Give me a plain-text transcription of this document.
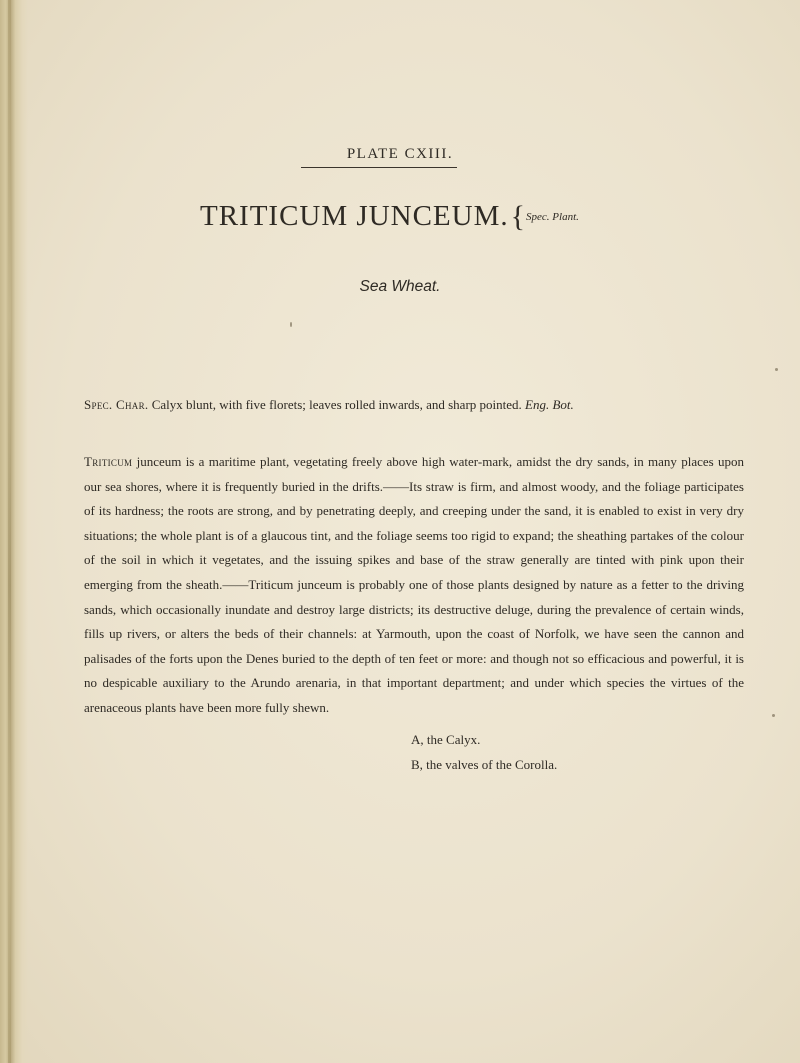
PLATE CXIII.
TRITICUM JUNCEUM.{Spec. Plant.
Sea Wheat.
Spec. Char. Calyx blunt, with five florets; leaves rolled inwards, and sharp pointed. Eng. Bot.
Triticum junceum is a maritime plant, vegetating freely above high water-mark, amidst the dry sands, in many places upon our sea shores, where it is frequently buried in the drifts.——Its straw is firm, and almost woody, and the foliage participates of its hardness; the roots are strong, and by penetrating deeply, and creeping under the sand, it is enabled to exist in very dry situations; the whole plant is of a glaucous tint, and the foliage seems too rigid to expand; the sheathing partakes of the colour of the soil in which it vegetates, and the issuing spikes and base of the straw generally are tinted with pink upon their emerging from the sheath.——Triticum junceum is probably one of those plants designed by nature as a fetter to the driving sands, which occasionally inundate and destroy large districts; its destructive deluge, during the prevalence of certain winds, fills up rivers, or alters the beds of their channels: at Yarmouth, upon the coast of Norfolk, we have seen the cannon and palisades of the forts upon the Denes buried to the depth of ten feet or more: and though not so efficacious and powerful, it is no despicable auxiliary to the Arundo arenaria, in that important department; and under which species the virtues of the arenaceous plants have been more fully shewn.
A, the Calyx.
B, the valves of the Corolla.
